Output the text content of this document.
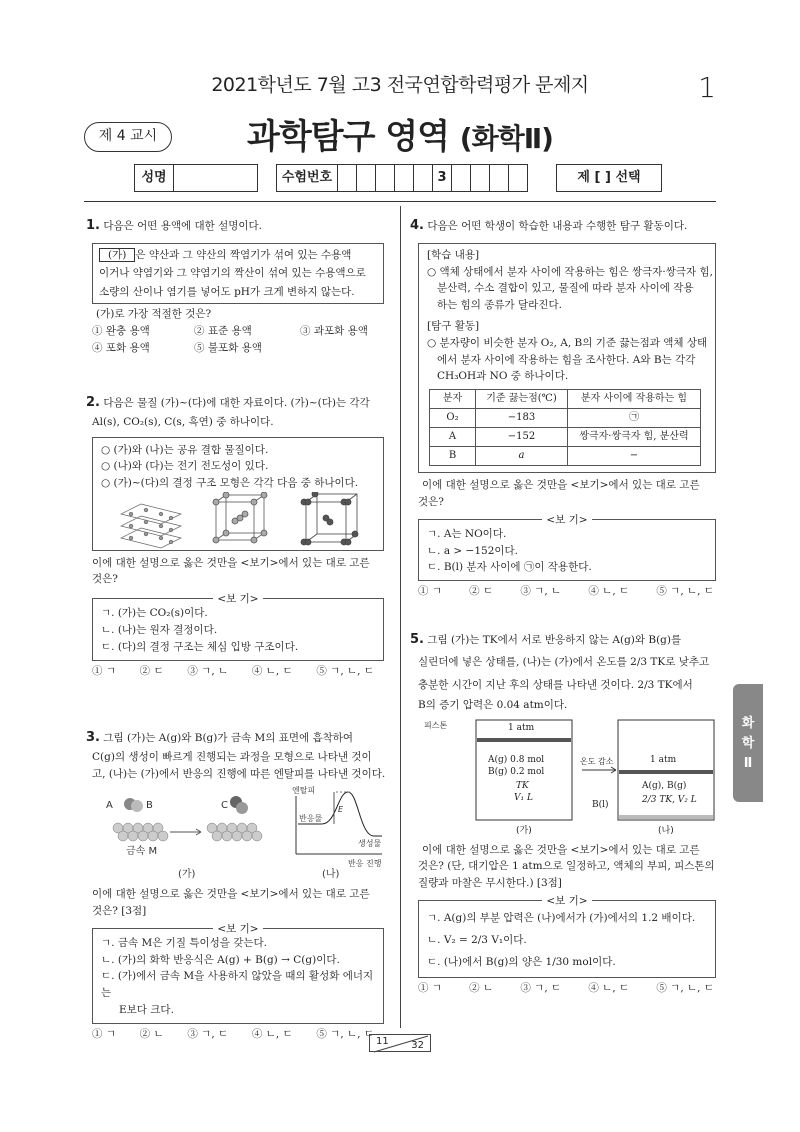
2021학년도 7월 고3 전국연합학력평가 문제지	1
제 4 교시	과학탐구 영역 (화학Ⅱ)
성명	수험번호	3	제 [ ] 선택
1. 다음은 어떤 용액에 대한 설명이다.
(가) 은 약산과 그 약산의 짝염기가 섞여 있는 수용액
이거나 약염기와 그 약염기의 짝산이 섞여 있는 수용액으로
소량의 산이나 염기를 넣어도 pH가 크게 변하지 않는다.
(가)로 가장 적절한 것은?
① 완충 용액	② 표준 용액	③ 과포화 용액
④ 포화 용액	⑤ 불포화 용액
2. 다음은 물질 (가)~(다)에 대한 자료이다. (가)~(다)는 각각
Al(s), CO₂(s), C(s, 흑연) 중 하나이다.
○ (가)와 (나)는 공유 결합 물질이다.
○ (나)와 (다)는 전기 전도성이 있다.
○ (가)~(다)의 결정 구조 모형은 각각 다음 중 하나이다.
이에 대한 설명으로 옳은 것만을 <보기>에서 있는 대로 고른
것은?
<보 기>
ㄱ. (가)는 CO₂(s)이다.
ㄴ. (나)는 원자 결정이다.
ㄷ. (다)의 결정 구조는 체심 입방 구조이다.
① ㄱ ② ㄷ ③ ㄱ, ㄴ ④ ㄴ, ㄷ ⑤ ㄱ, ㄴ, ㄷ
3. 그림 (가)는 A(g)와 B(g)가 금속 M의 표면에 흡착하여
C(g)의 생성이 빠르게 진행되는 과정을 모형으로 나타낸 것이
고, (나)는 (가)에서 반응의 진행에 따른 엔탈피를 나타낸 것이다.
A	B	C
금속 M
(가)
엔탈피
E
반응물
생성물
반응 진행
(나)
이에 대한 설명으로 옳은 것만을 <보기>에서 있는 대로 고른
것은? [3점]
<보 기>
ㄱ. 금속 M은 기질 특이성을 갖는다.
ㄴ. (가)의 화학 반응식은 A(g) + B(g) → C(g)이다.
ㄷ. (가)에서 금속 M을 사용하지 않았을 때의 활성화 에너지는
E보다 크다.
① ㄱ ② ㄴ ③ ㄱ, ㄷ ④ ㄴ, ㄷ ⑤ ㄱ, ㄴ, ㄷ
4. 다음은 어떤 학생이 학습한 내용과 수행한 탐구 활동이다.
[학습 내용]
○ 액체 상태에서 분자 사이에 작용하는 힘은 쌍극자·쌍극자 힘,
분산력, 수소 결합이 있고, 물질에 따라 분자 사이에 작용
하는 힘의 종류가 달라진다.
[탐구 활동]
○ 분자량이 비슷한 분자 O₂, A, B의 기준 끓는점과 액체 상태
에서 분자 사이에 작용하는 힘을 조사한다. A와 B는 각각
CH₃OH과 NO 중 하나이다.
분자	기준 끓는점(℃)	분자 사이에 작용하는 힘
O₂	−183	㉠
A	−152	쌍극자·쌍극자 힘, 분산력
B	a	−
이에 대한 설명으로 옳은 것만을 <보기>에서 있는 대로 고른
것은?
<보 기>
ㄱ. A는 NO이다.
ㄴ. a > −152이다.
ㄷ. B(l) 분자 사이에 ㉠이 작용한다.
① ㄱ	② ㄷ	③ ㄱ, ㄴ	④ ㄴ, ㄷ	⑤ ㄱ, ㄴ, ㄷ
5. 그림 (가)는 TK에서 서로 반응하지 않는 A(g)와 B(g)를
실린더에 넣은 상태를, (나)는 (가)에서 온도를 2/3 TK로 낮추고
충분한 시간이 지난 후의 상태를 나타낸 것이다. 2/3 TK에서
B의 증기 압력은 0.04 atm이다.
피스톤	1 atm
A(g) 0.8 mol
B(g) 0.2 mol
TK
V₁ L
(가)
온도 감소	1 atm
A(g), B(g)
2/3 TK, V₂ L
B(l)
(나)
이에 대한 설명으로 옳은 것만을 <보기>에서 있는 대로 고른
것은? (단, 대기압은 1 atm으로 일정하고, 액체의 부피, 피스톤의
질량과 마찰은 무시한다.) [3점]
<보 기>
ㄱ. A(g)의 부분 압력은 (나)에서가 (가)에서의 1.2 배이다.
ㄴ. V₂ = 2/3 V₁이다.
ㄷ. (나)에서 B(g)의 양은 1/30 mol이다.
① ㄱ	② ㄴ	③ ㄱ, ㄷ	④ ㄴ, ㄷ	⑤ ㄱ, ㄴ, ㄷ
화
학
Ⅱ
11 32
